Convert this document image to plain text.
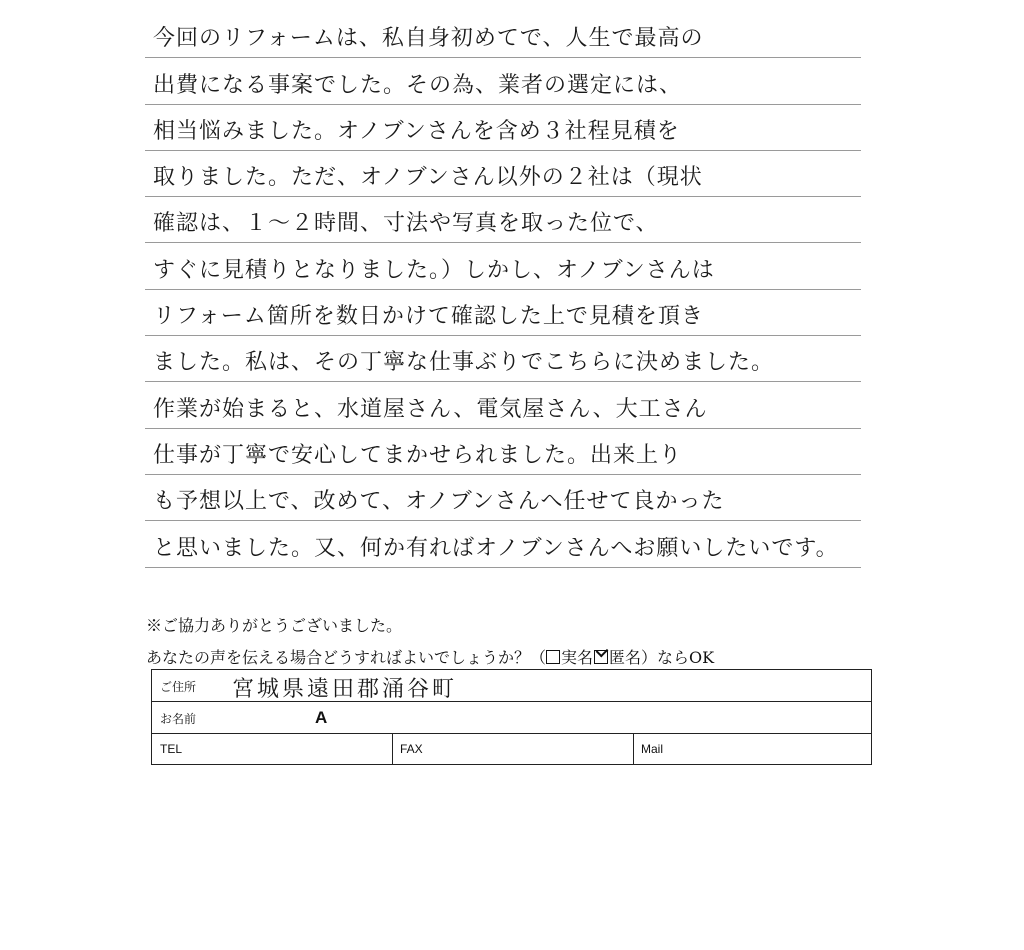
今回のリフォームは、私自身初めてで、人生で最高の
出費になる事案でした。その為、業者の選定には、
相当悩みました。オノブンさんを含め３社程見積を
取りました。ただ、オノブンさん以外の２社は（現状
確認は、１〜２時間、寸法や写真を取った位で、
すぐに見積りとなりました。）しかし、オノブンさんは
リフォーム箇所を数日かけて確認した上で見積を頂き
ました。私は、その丁寧な仕事ぶりでこちらに決めました。
作業が始まると、水道屋さん、電気屋さん、大工さん
仕事が丁寧で安心してまかせられました。出来上り
も予想以上で、改めて、オノブンさんへ任せて良かった
と思いました。又、何か有ればオノブンさんへお願いしたいです。
※ご協力ありがとうございました。
あなたの声を伝える場合どうすればよいでしょうか？（ 実名 匿名）ならOK
ご住所 宮城県遠田郡涌谷町
お名前	A
TEL	FAX	Mail
